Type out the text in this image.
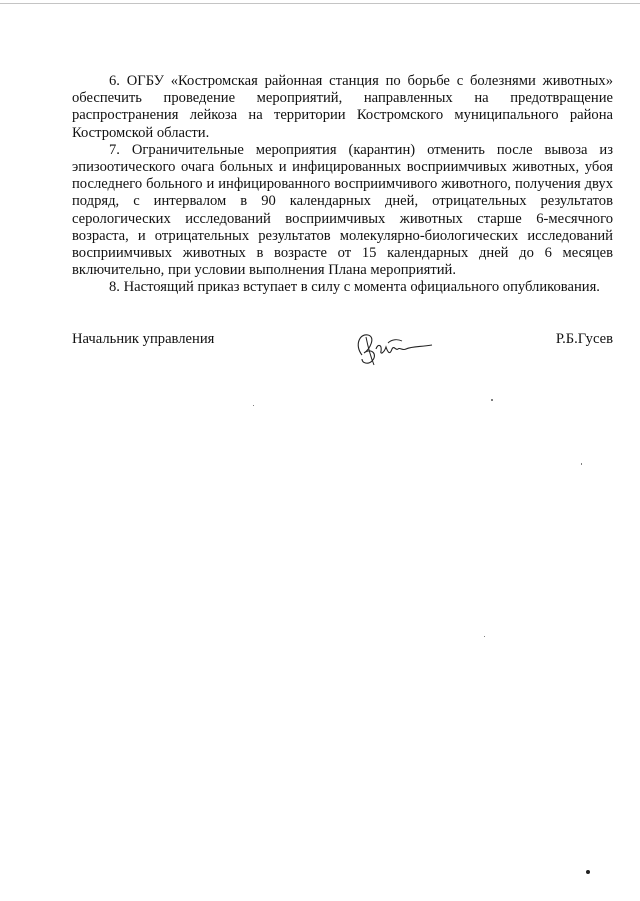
6. ОГБУ «Костромская районная станция по борьбе с болезнями животных» обеспечить проведение мероприятий, направленных на предотвращение распространения лейкоза на территории Костромского муниципального района Костромской области.

7. Ограничительные мероприятия (карантин) отменить после вывоза из эпизоотического очага больных и инфицированных восприимчивых животных, убоя последнего больного и инфицированного восприимчивого животного, получения двух подряд, с интервалом в 90 календарных дней, отрицательных результатов серологических исследований восприимчивых животных старше 6-месячного возраста, и отрицательных результатов молекулярно-биологических исследований восприимчивых животных в возрасте от 15 календарных дней до 6 месяцев включительно, при условии выполнения Плана мероприятий.

8. Настоящий приказ вступает в силу с момента официального опубликования.

Начальник управления	Р.Б.Гусев
